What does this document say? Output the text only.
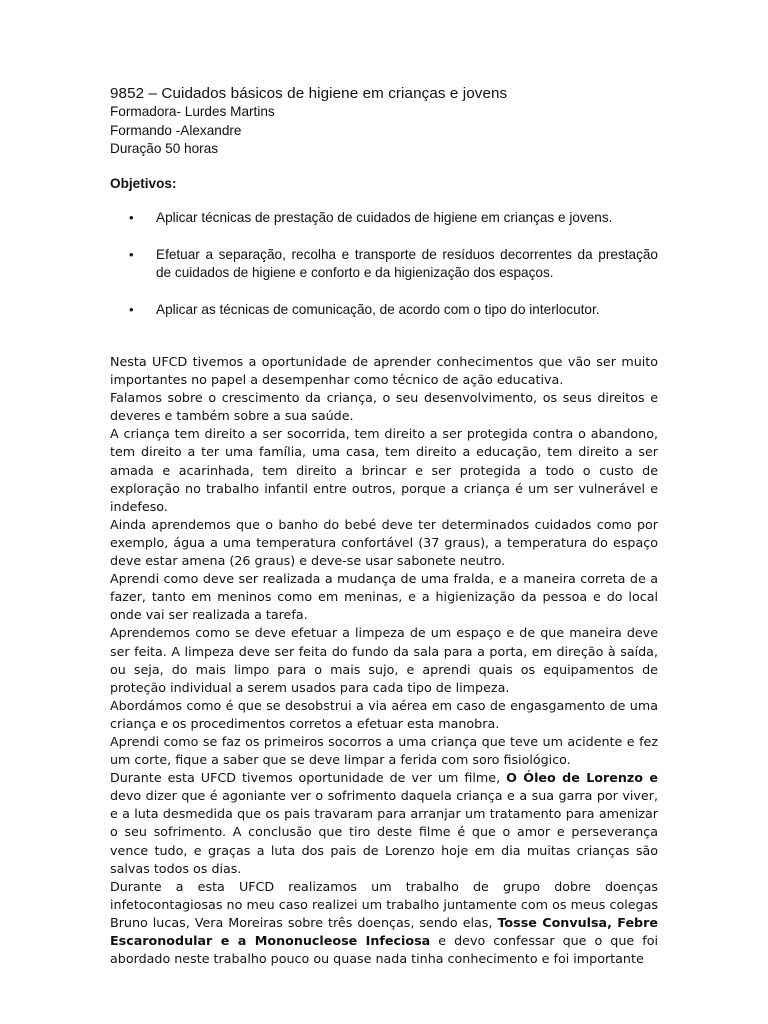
9852 – Cuidados básicos de higiene em crianças e jovens
Formadora- Lurdes Martins
Formando -Alexandre
Duração 50 horas
Objetivos:
• Aplicar técnicas de prestação de cuidados de higiene em crianças e jovens.
• Efetuar a separação, recolha e transporte de resíduos decorrentes da prestação de cuidados de higiene e conforto e da higienização dos espaços.
• Aplicar as técnicas de comunicação, de acordo com o tipo do interlocutor.

Nesta UFCD tivemos a oportunidade de aprender conhecimentos que vão ser muito importantes no papel a desempenhar como técnico de ação educativa.

Falamos sobre o crescimento da criança, o seu desenvolvimento, os seus direitos e deveres e também sobre a sua saúde.

A criança tem direito a ser socorrida, tem direito a ser protegida contra o abandono, tem direito a ter uma família, uma casa, tem direito a educação, tem direito a ser amada e acarinhada, tem direito a brincar e ser protegida a todo o custo de exploração no trabalho infantil entre outros, porque a criança é um ser vulnerável e indefeso.

Ainda aprendemos que o banho do bebé deve ter determinados cuidados como por exemplo, água a uma temperatura confortável (37 graus), a temperatura do espaço deve estar amena (26 graus) e deve-se usar sabonete neutro.

Aprendi como deve ser realizada a mudança de uma fralda, e a maneira correta de a fazer, tanto em meninos como em meninas, e a higienização da pessoa e do local onde vai ser realizada a tarefa.

Aprendemos como se deve efetuar a limpeza de um espaço e de que maneira deve ser feita. A limpeza deve ser feita do fundo da sala para a porta, em direção à saída, ou seja, do mais limpo para o mais sujo, e aprendi quais os equipamentos de proteção individual a serem usados para cada tipo de limpeza.

Abordámos como é que se desobstrui a via aérea em caso de engasgamento de uma criança e os procedimentos corretos a efetuar esta manobra.

Aprendi como se faz os primeiros socorros a uma criança que teve um acidente e fez um corte, fique a saber que se deve limpar a ferida com soro fisiológico.

Durante esta UFCD tivemos oportunidade de ver um filme, O Óleo de Lorenzo e devo dizer que é agoniante ver o sofrimento daquela criança e a sua garra por viver, e a luta desmedida que os pais travaram para arranjar um tratamento para amenizar o seu sofrimento. A conclusão que tiro deste filme é que o amor e perseverança vence tudo, e graças a luta dos pais de Lorenzo hoje em dia muitas crianças são salvas todos os dias.

Durante a esta UFCD realizamos um trabalho de grupo dobre doenças infetocontagiosas no meu caso realizei um trabalho juntamente com os meus colegas Bruno lucas, Vera Moreiras sobre três doenças, sendo elas, Tosse Convulsa, Febre Escaronodular e a Mononucleose Infeciosa e devo confessar que o que foi abordado neste trabalho pouco ou quase nada tinha conhecimento e foi importante
